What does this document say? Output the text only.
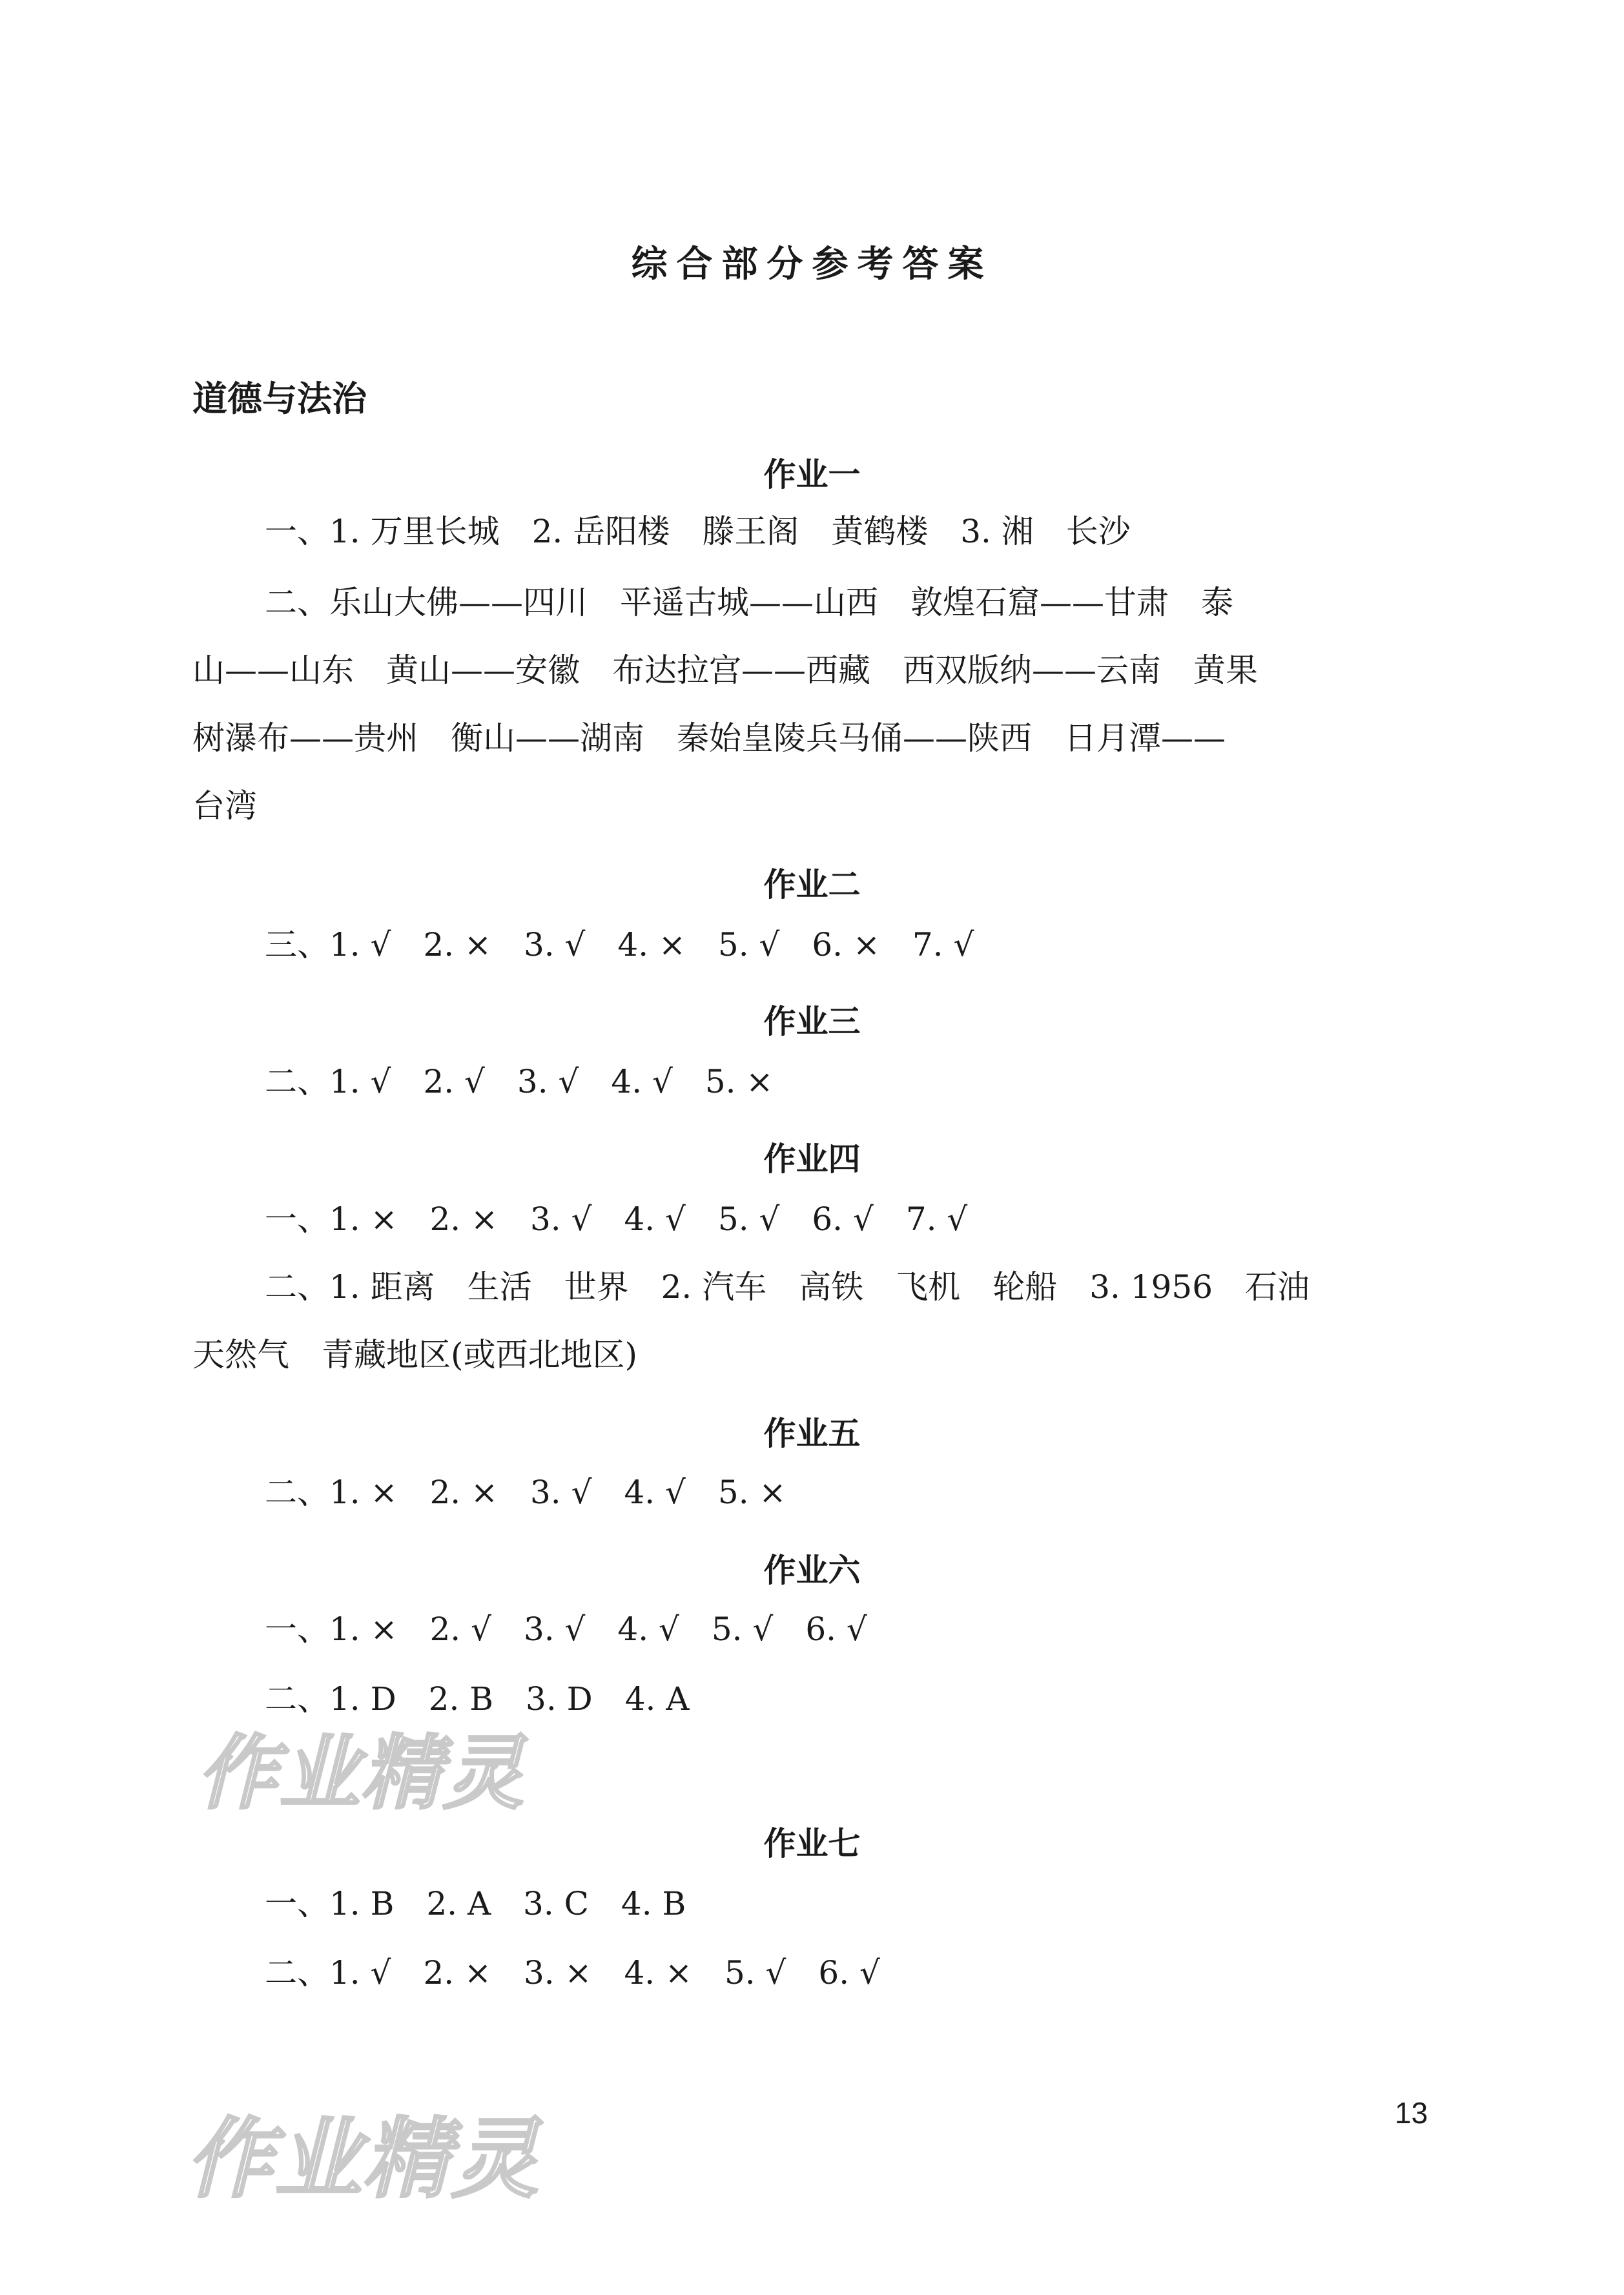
综合部分参考答案
道德与法治
作业一
一、1. 万里长城　2. 岳阳楼　滕王阁　黄鹤楼　3. 湘　长沙
二、乐山大佛——四川　平遥古城——山西　敦煌石窟——甘肃　泰
山——山东　黄山——安徽　布达拉宫——西藏　西双版纳——云南　黄果
树瀑布——贵州　衡山——湖南　秦始皇陵兵马俑——陕西　日月潭——
台湾
作业二
三、1. √　2. ×　3. √　4. ×　5. √　6. ×　7. √
作业三
二、1. √　2. √　3. √　4. √　5. ×
作业四
一、1. ×　2. ×　3. √　4. √　5. √　6. √　7. √
二、1. 距离　生活　世界　2. 汽车　高铁　飞机　轮船　3. 1956　石油
天然气　青藏地区(或西北地区)
作业五
二、1. ×　2. ×　3. √　4. √　5. ×
作业六
一、1. ×　2. √　3. √　4. √　5. √　6. √
二、1. D　2. B　3. D　4. A
作业精灵
作业七
一、1. B　2. A　3. C　4. B
二、1. √　2. ×　3. ×　4. ×　5. √　6. √
13
作业精灵
